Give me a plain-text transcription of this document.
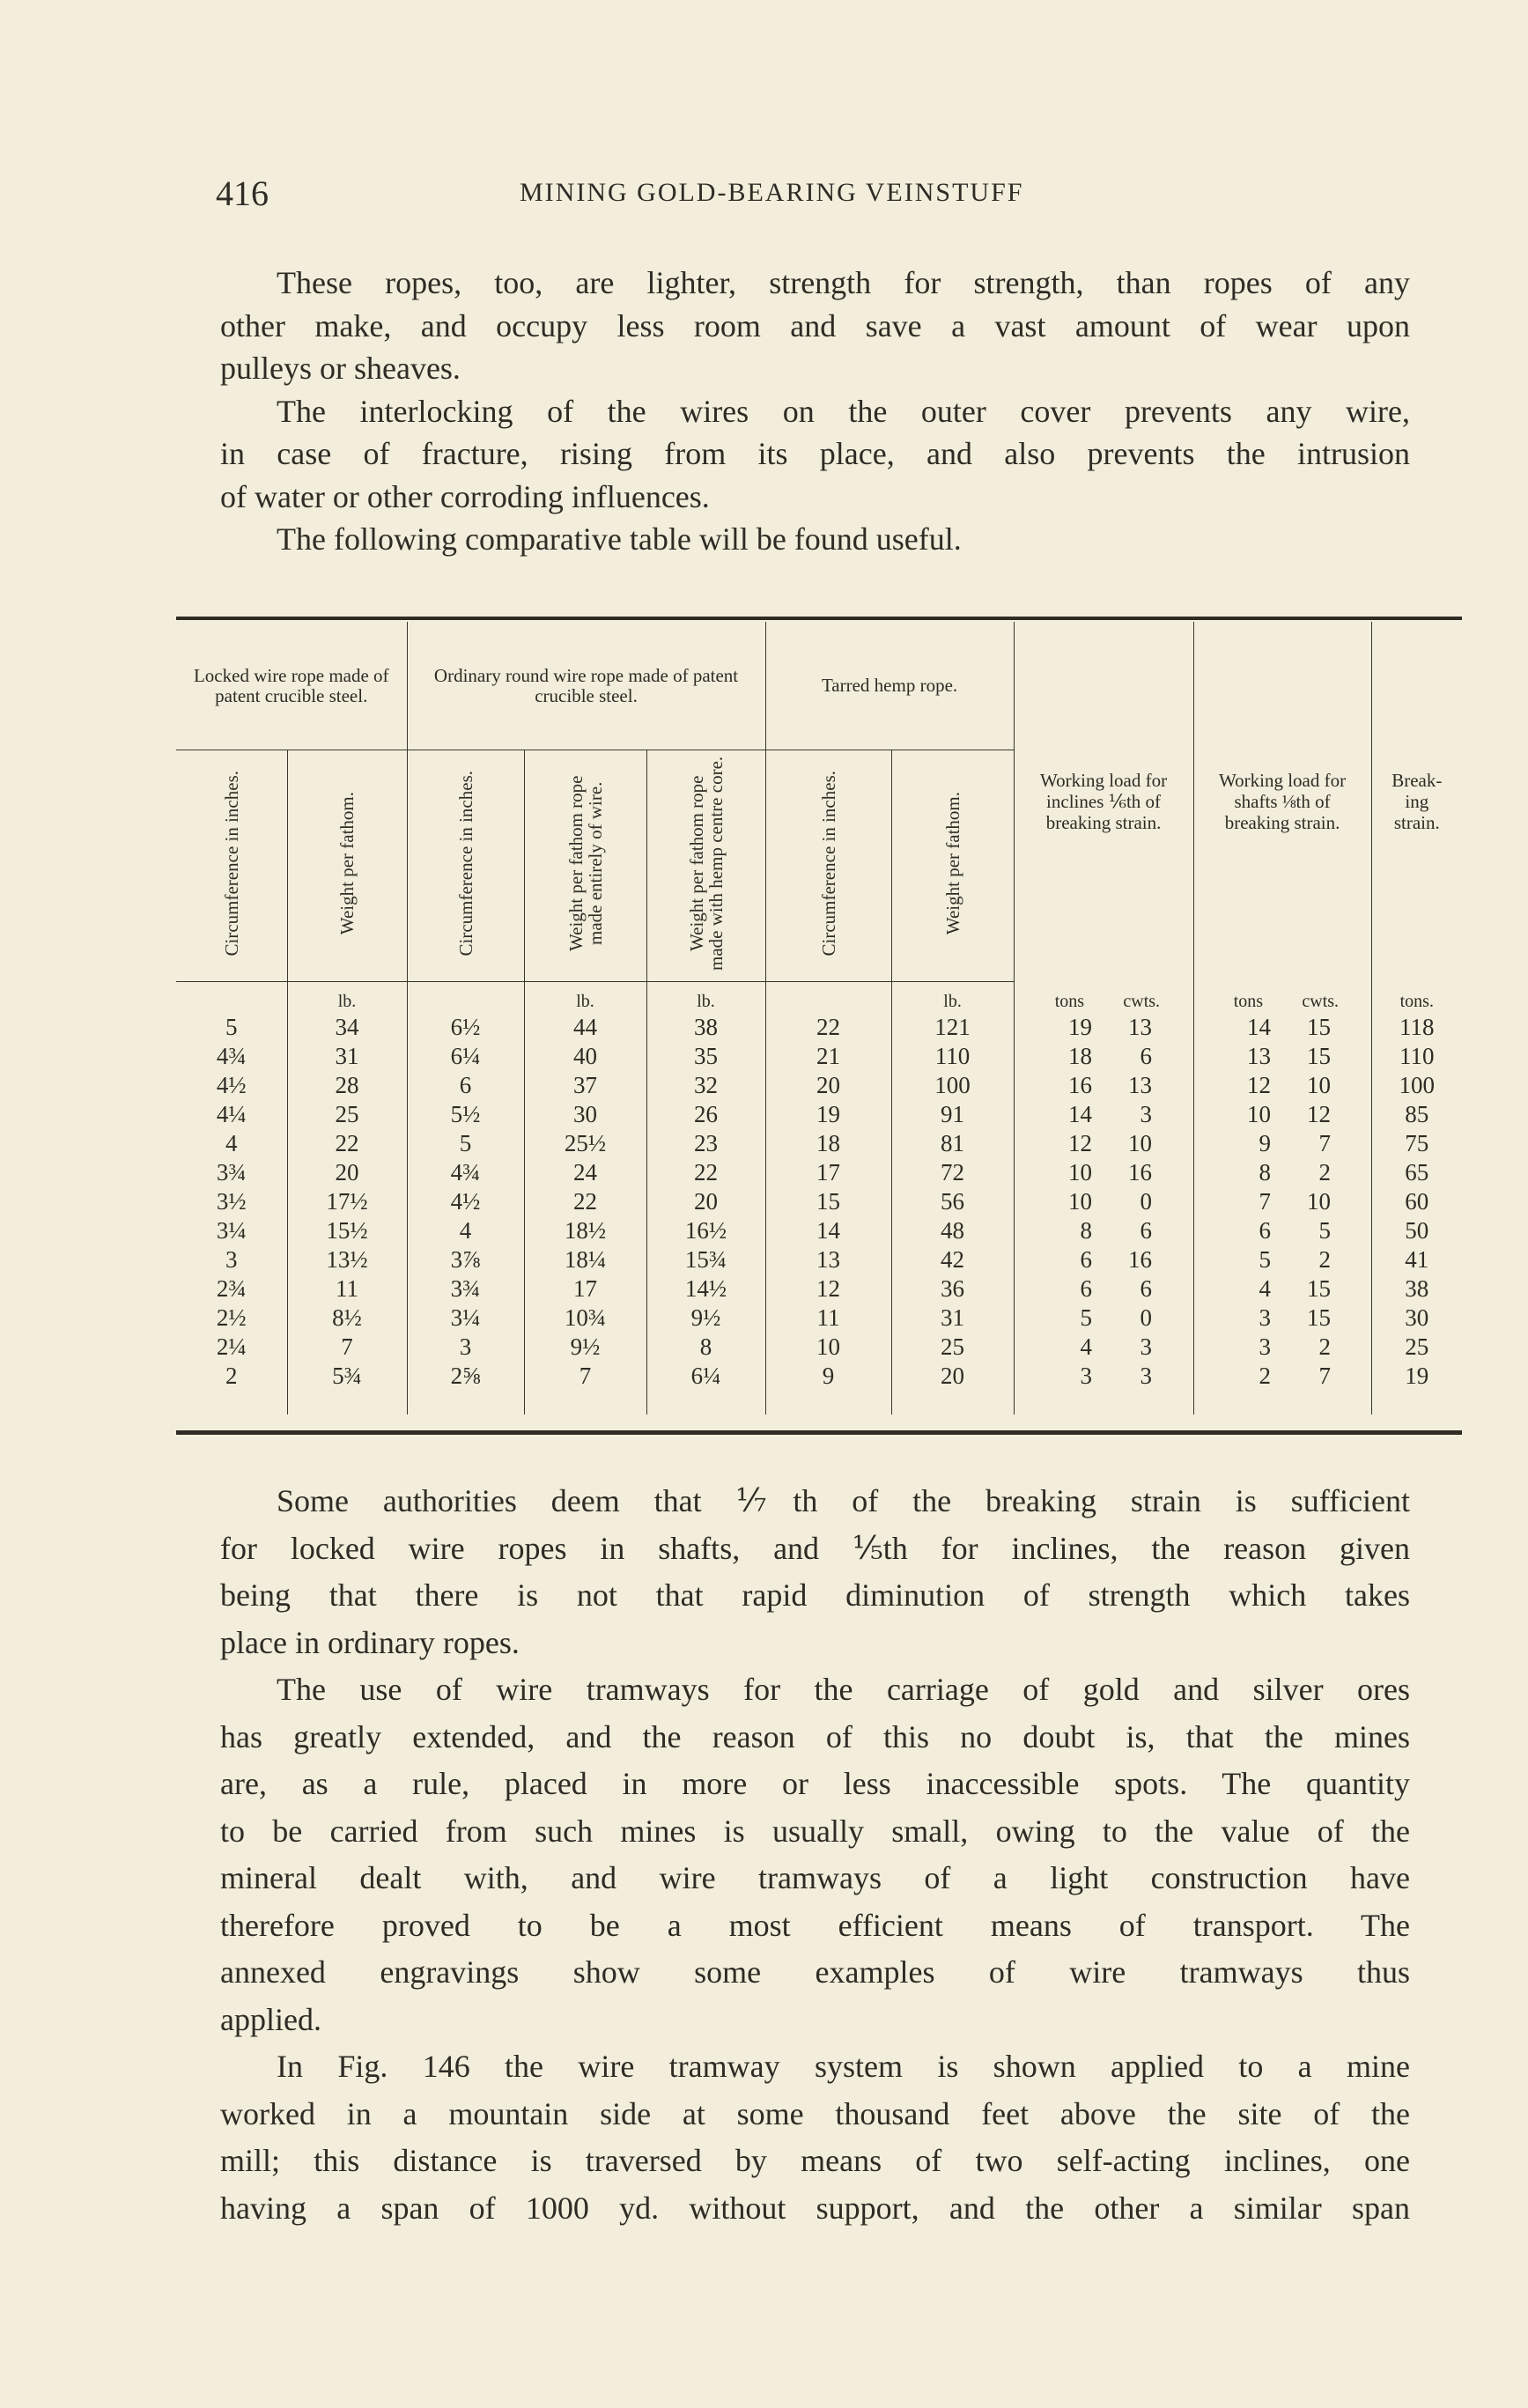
416	MINING GOLD-BEARING VEINSTUFF
These ropes, too, are lighter, strength for strength, than ropes of any
other make, and occupy less room and save a vast amount of wear upon
pulleys or sheaves.
The interlocking of the wires on the outer cover prevents any wire,
in case of fracture, rising from its place, and also prevents the intrusion
of water or other corroding influences.
The following comparative table will be found useful.
Locked wire rope made of patent crucible steel.		Ordinary round wire rope made of patent crucible steel.			Tarred hemp rope.		Working load for inclines ⅙th of breaking strain.	Working load for shafts ⅛th of breaking strain.	Break-
ing
strain.
Circumference in inches.	Weight per fathom.	Circumference in inches.	Weight per fathom rope made entirely of wire.	Weight per fathom rope made with hemp centre core.	Circumference in inches.	Weight per fathom.			
	lb.		lb.	lb.		lb.	tons cwts.	tons cwts.	tons.
5	34	6½	44	38	22	121	19 13	14 15	118
4¾	31	6¼	40	35	21	110	18 6	13 15	110
4½	28	6	37	32	20	100	16 13	12 10	100
4¼	25	5½	30	26	19	91	14 3	10 12	85
4	22	5	25½	23	18	81	12 10	9 7	75
3¾	20	4¾	24	22	17	72	10 16	8 2	65
3½	17½	4½	22	20	15	56	10 0	7 10	60
3¼	15½	4	18½	16½	14	48	8 6	6 5	50
3	13½	3⅞	18¼	15¾	13	42	6 16	5 2	41
2¾	11	3¾	17	14½	12	36	6 6	4 15	38
2½	8½	3¼	10¾	9½	11	31	5 0	3 15	30
2¼	7	3	9½	8	10	25	4 3	3 2	25
2	5¾	2⅝	7	6¼	9	20	3 3	2 7	19
Some authorities deem that ⅐th of the breaking strain is sufficient
for locked wire ropes in shafts, and ⅕th for inclines, the reason given
being that there is not that rapid diminution of strength which takes
place in ordinary ropes.
The use of wire tramways for the carriage of gold and silver ores
has greatly extended, and the reason of this no doubt is, that the mines
are, as a rule, placed in more or less inaccessible spots. The quantity
to be carried from such mines is usually small, owing to the value of the
mineral dealt with, and wire tramways of a light construction have
therefore proved to be a most efficient means of transport. The
annexed engravings show some examples of wire tramways thus
applied.
In Fig. 146 the wire tramway system is shown applied to a mine
worked in a mountain side at some thousand feet above the site of the
mill; this distance is traversed by means of two self-acting inclines, one
having a span of 1000 yd. without support, and the other a similar span
